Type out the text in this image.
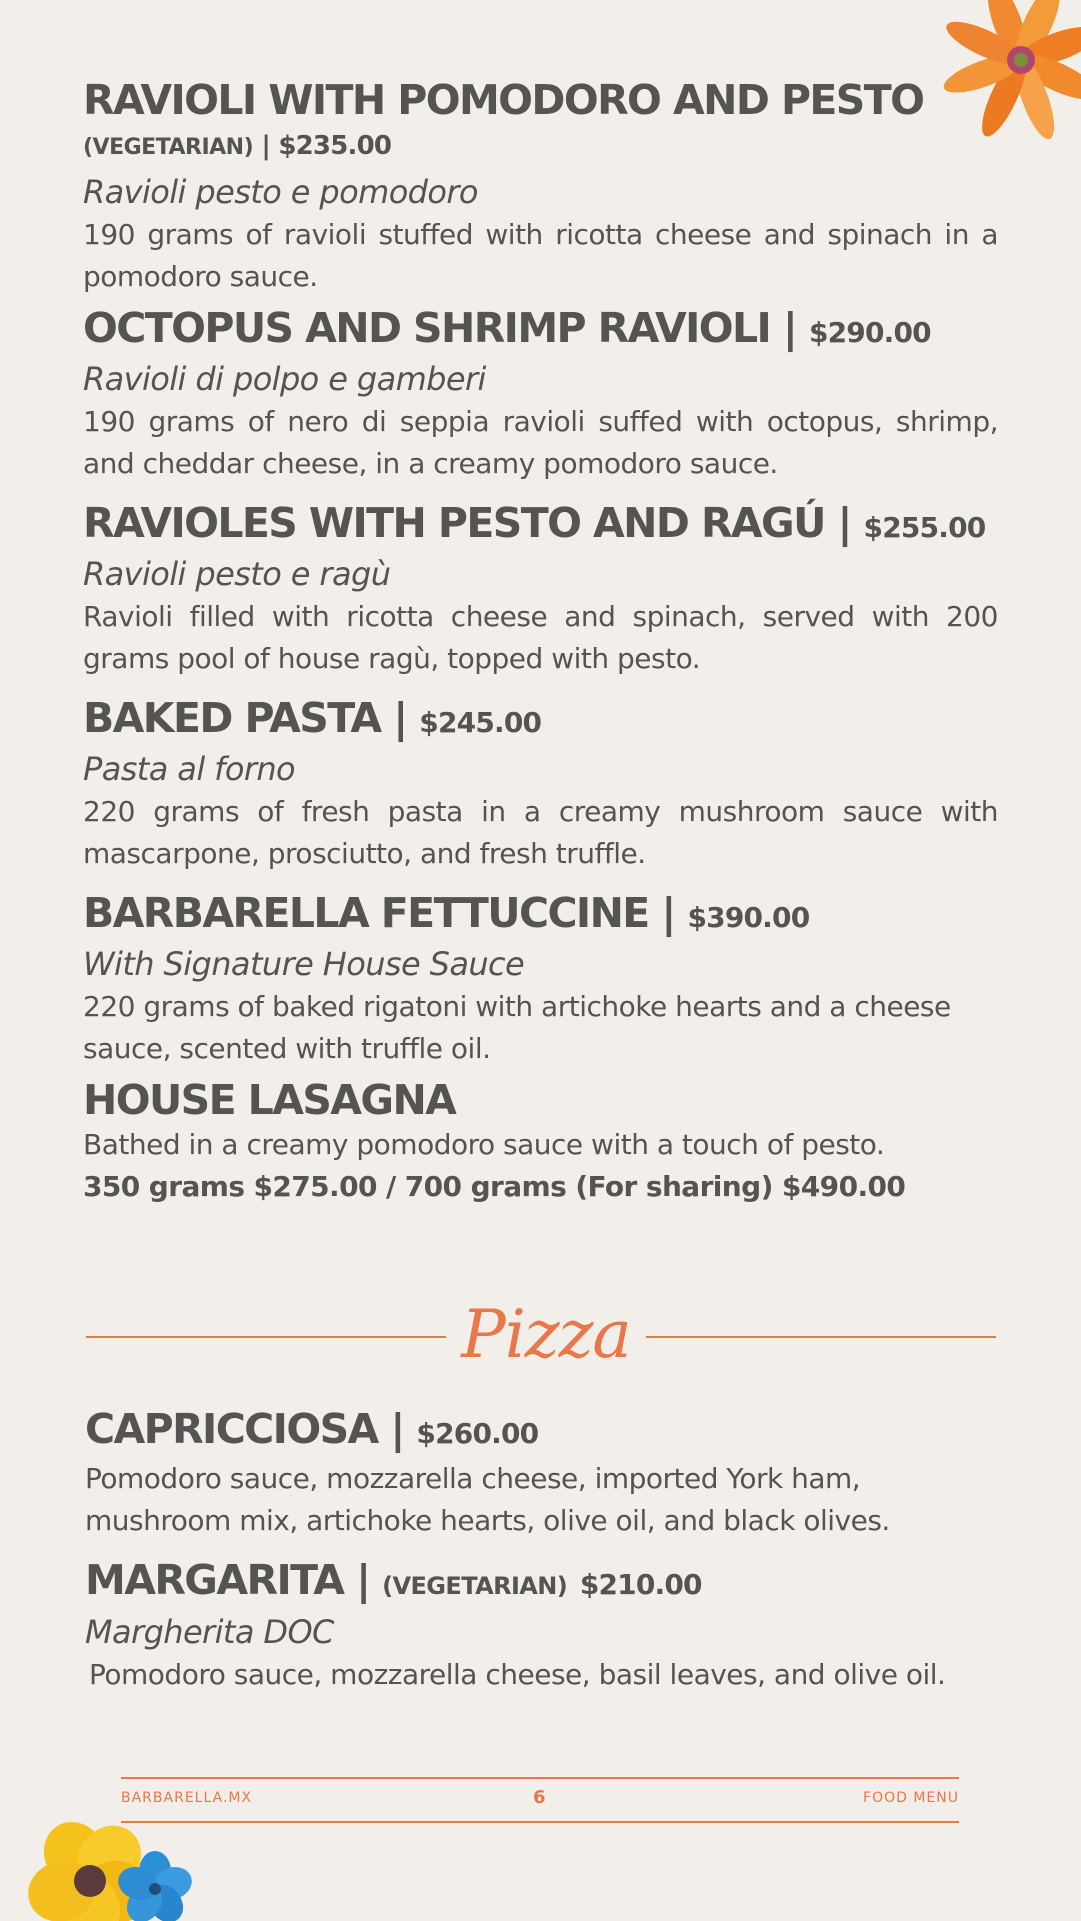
RAVIOLI WITH POMODORO AND PESTO

(VEGETARIAN) | $235.00

Ravioli pesto e pomodoro

190 grams of ravioli stuffed with ricotta cheese and spinach in a pomodoro sauce.

OCTOPUS AND SHRIMP RAVIOLI | $290.00

Ravioli di polpo e gamberi

190 grams of nero di seppia ravioli suffed with octopus, shrimp, and cheddar cheese, in a creamy pomodoro sauce.

RAVIOLES WITH PESTO AND RAGÚ | $255.00

Ravioli pesto e ragù

Ravioli filled with ricotta cheese and spinach, served with 200 grams pool of house ragù, topped with pesto.

BAKED PASTA | $245.00

Pasta al forno

220 grams of fresh pasta in a creamy mushroom sauce with mascarpone, prosciutto, and fresh truffle.

BARBARELLA FETTUCCINE | $390.00

With Signature House Sauce

220 grams of baked rigatoni with artichoke hearts and a cheese sauce, scented with truffle oil.

HOUSE LASAGNA

Bathed in a creamy pomodoro sauce with a touch of pesto.

350 grams $275.00 / 700 grams (For sharing) $490.00

Pizza

CAPRICCIOSA | $260.00

Pomodoro sauce, mozzarella cheese, imported York ham, mushroom mix, artichoke hearts, olive oil, and black olives.

MARGARITA | (VEGETARIAN) $210.00

Margherita DOC

Pomodoro sauce, mozzarella cheese, basil leaves, and olive oil.

BARBARELLA.MX	6	FOOD MENU
